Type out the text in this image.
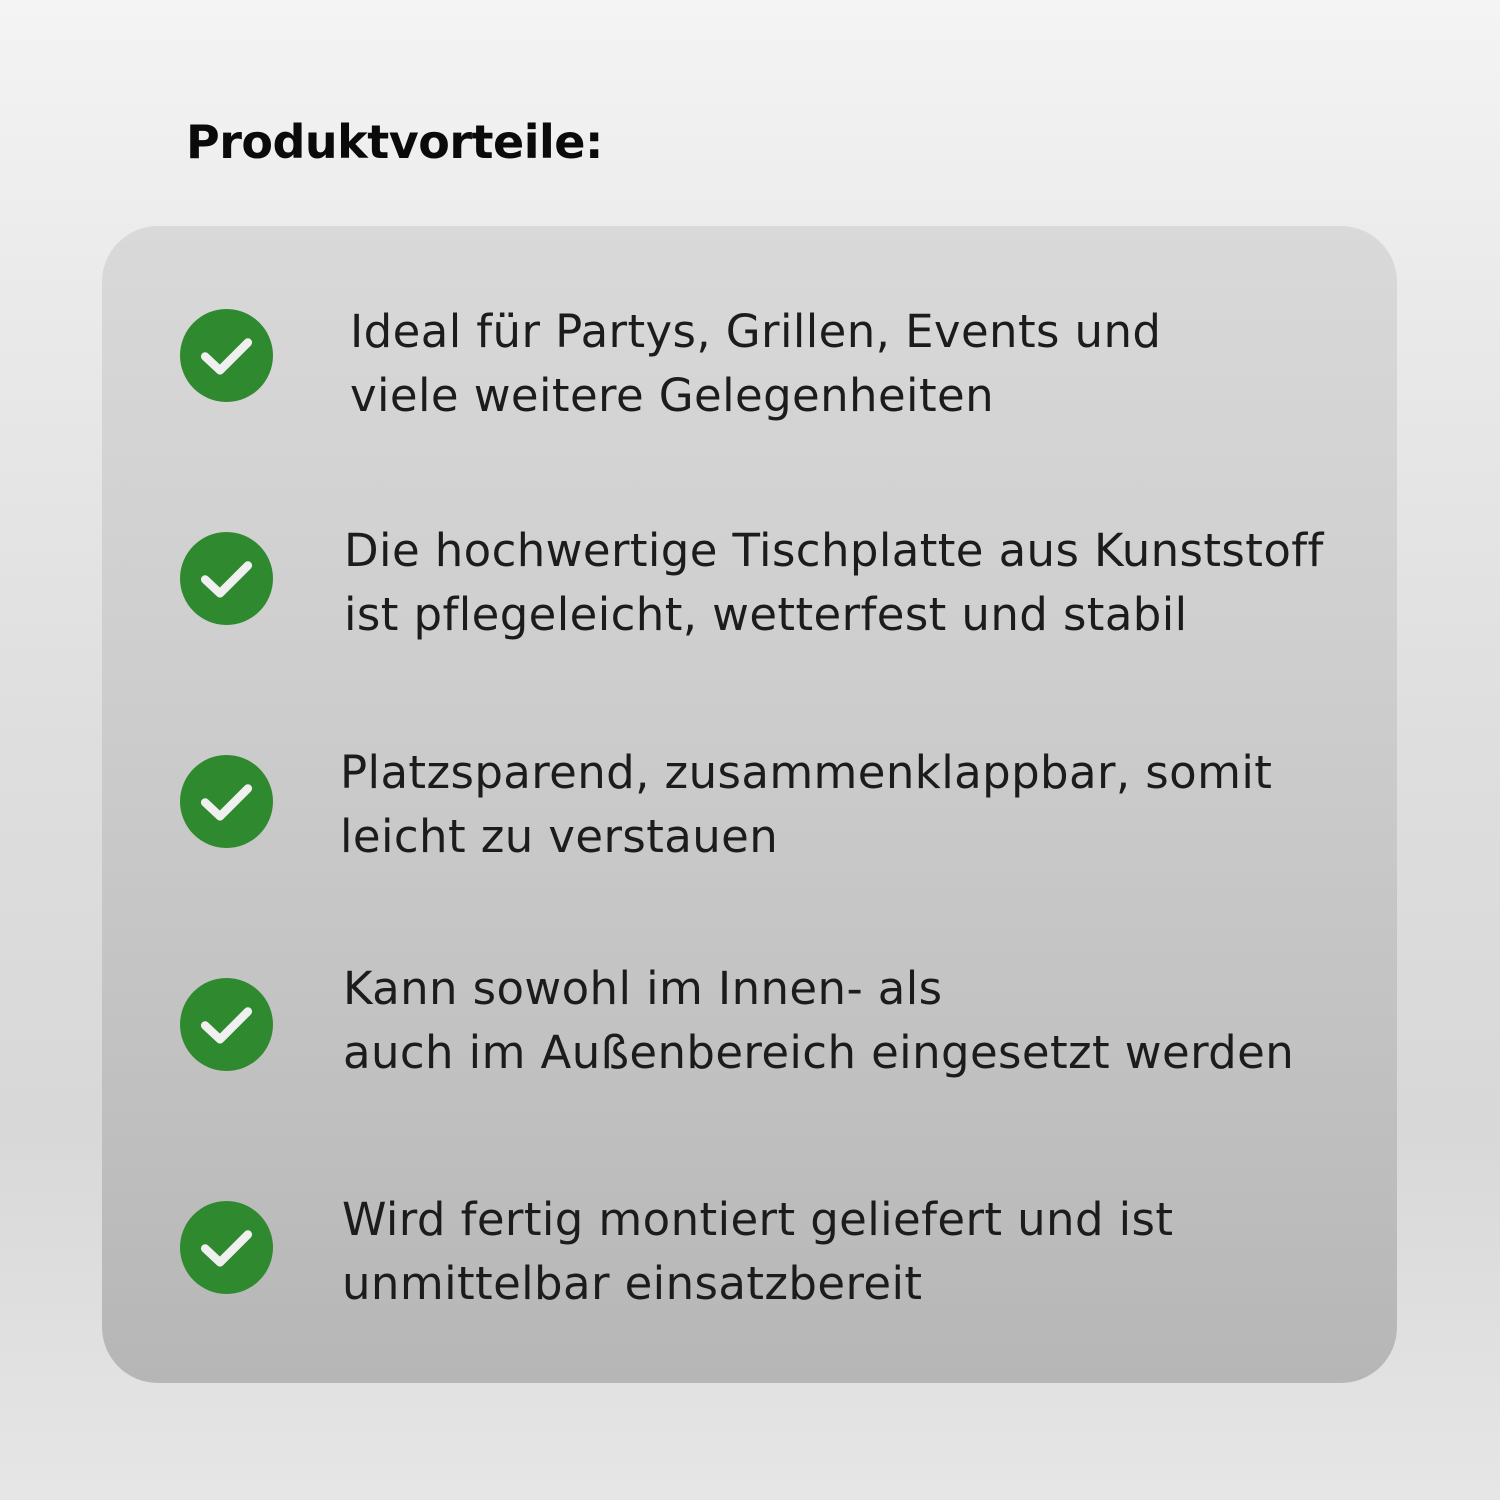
Produktvorteile:

Ideal für Partys, Grillen, Events und
viele weitere Gelegenheiten

Die hochwertige Tischplatte aus Kunststoff
ist pflegeleicht, wetterfest und stabil

Platzsparend, zusammenklappbar, somit
leicht zu verstauen

Kann sowohl im Innen- als
auch im Außenbereich eingesetzt werden

Wird fertig montiert geliefert und ist
unmittelbar einsatzbereit
